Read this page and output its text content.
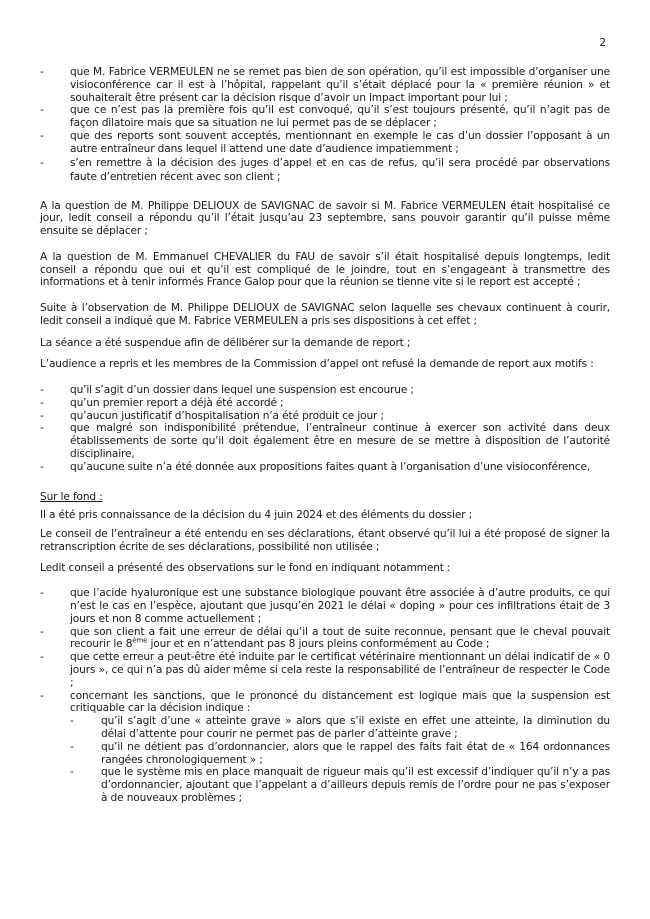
2
- que M. Fabrice VERMEULEN ne se remet pas bien de son opération, qu’il est impossible d’organiser une visioconférence car il est à l’hôpital, rappelant qu’il s’était déplacé pour la « première réunion » et souhaiterait être présent car la décision risque d’avoir un impact important pour lui ;
- que ce n’est pas la première fois qu’il est convoqué, qu’il s’est toujours présenté, qu’il n’agit pas de façon dilatoire mais que sa situation ne lui permet pas de se déplacer ;
- que des reports sont souvent acceptés, mentionnant en exemple le cas d’un dossier l’opposant à un autre entraîneur dans lequel il attend une date d’audience impatiemment ;
- s’en remettre à la décision des juges d’appel et en cas de refus, qu’il sera procédé par observations faute d’entretien récent avec son client ;

A la question de M. Philippe DELIOUX de SAVIGNAC de savoir si M. Fabrice VERMEULEN était hospitalisé ce jour, ledit conseil a répondu qu’il l’était jusqu’au 23 septembre, sans pouvoir garantir qu’il puisse même ensuite se déplacer ;

A la question de M. Emmanuel CHEVALIER du FAU de savoir s’il était hospitalisé depuis longtemps, ledit conseil a répondu que oui et qu’il est compliqué de le joindre, tout en s’engageant à transmettre des informations et à tenir informés France Galop pour que la réunion se tienne vite si le report est accepté ;

Suite à l’observation de M. Philippe DELIOUX de SAVIGNAC selon laquelle ses chevaux continuent à courir, ledit conseil a indiqué que M. Fabrice VERMEULEN a pris ses dispositions à cet effet ;

La séance a été suspendue afin de délibérer sur la demande de report ;

L’audience a repris et les membres de la Commission d’appel ont refusé la demande de report aux motifs :

- qu’il s’agit d’un dossier dans lequel une suspension est encourue ;
- qu’un premier report a déjà été accordé ;
- qu’aucun justificatif d’hospitalisation n’a été produit ce jour ;
- que malgré son indisponibilité prétendue, l’entraîneur continue à exercer son activité dans deux établissements de sorte qu’il doit également être en mesure de se mettre à disposition de l’autorité disciplinaire,
- qu’aucune suite n’a été donnée aux propositions faites quant à l’organisation d’une visioconférence,

Sur le fond :

Il a été pris connaissance de la décision du 4 juin 2024 et des éléments du dossier ;

Le conseil de l’entraîneur a été entendu en ses déclarations, étant observé qu’il lui a été proposé de signer la retranscription écrite de ses déclarations, possibilité non utilisée ;

Ledit conseil a présenté des observations sur le fond en indiquant notamment :

- que l’acide hyaluronique est une substance biologique pouvant être associée à d’autre produits, ce qui n’est le cas en l’espèce, ajoutant que jusqu’en 2021 le délai « doping » pour ces infiltrations était de 3 jours et non 8 comme actuellement ;
- que son client a fait une erreur de délai qu’il a tout de suite reconnue, pensant que le cheval pouvait recourir le 8ème jour et en n’attendant pas 8 jours pleins conformément au Code ;
- que cette erreur a peut-être été induite par le certificat vétérinaire mentionnant un délai indicatif de « 0 jours », ce qui n’a pas dû aider même si cela reste la responsabilité de l’entraîneur de respecter le Code ;
- concernant les sanctions, que le prononcé du distancement est logique mais que la suspension est critiquable car la décision indique :
-	qu’il s’agit d’une « atteinte grave » alors que s’il existe en effet une atteinte, la diminution du délai d’attente pour courir ne permet pas de parler d’atteinte grave ;
-	qu’il ne détient pas d’ordonnancier, alors que le rappel des faits fait état de « 164 ordonnances rangées chronologiquement » ;
-	que le système mis en place manquait de rigueur mais qu’il est excessif d’indiquer qu’il n’y a pas d’ordonnancier, ajoutant que l’appelant a d’ailleurs depuis remis de l’ordre pour ne pas s’exposer à de nouveaux problèmes ;
